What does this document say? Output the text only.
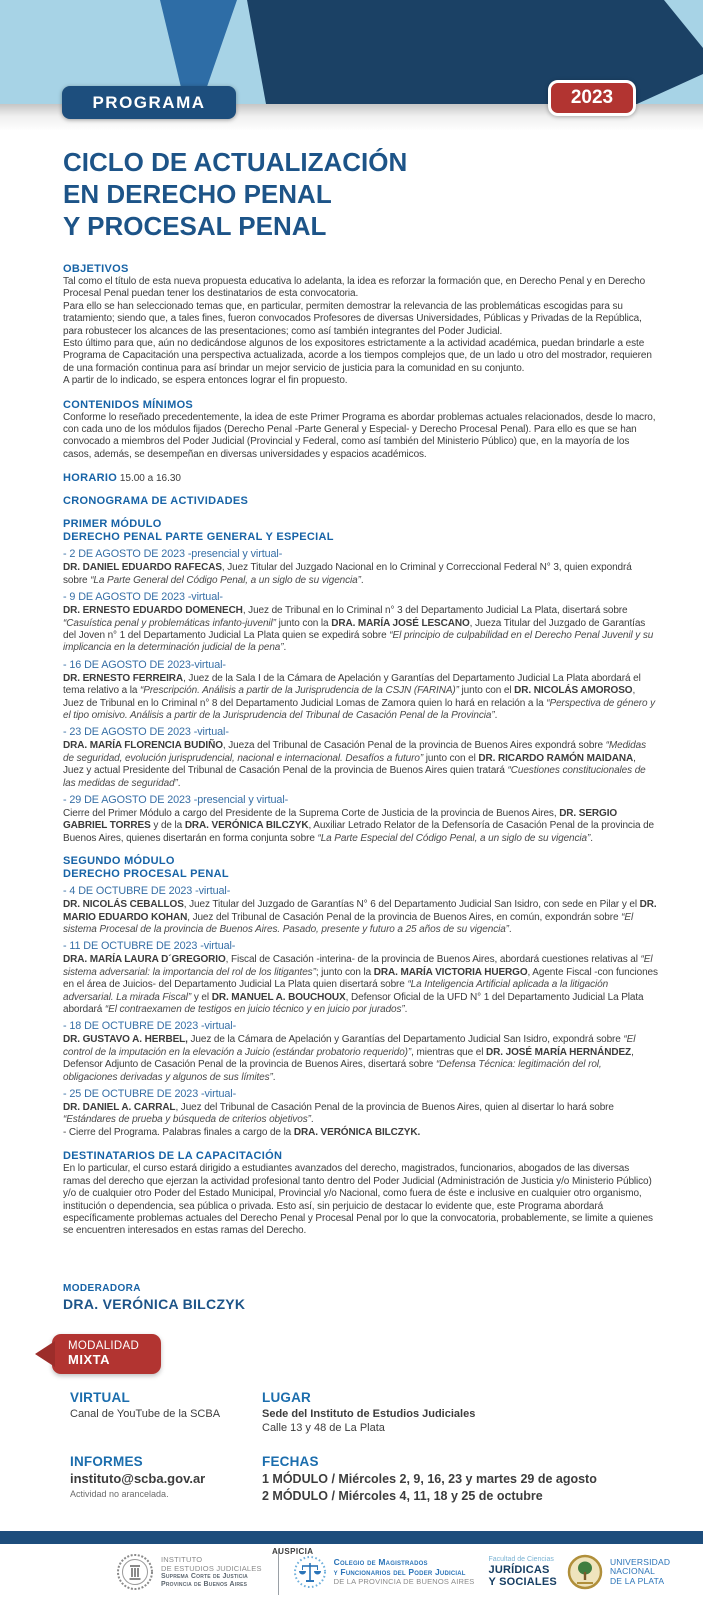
PROGRAMA	2023
CICLO DE ACTUALIZACIÓN
EN DERECHO PENAL
Y PROCESAL PENAL
OBJETIVOS
Tal como el título de esta nueva propuesta educativa lo adelanta, la idea es reforzar la formación que, en Derecho Penal y en Derecho Procesal Penal puedan tener los destinatarios de esta convocatoria.
Para ello se han seleccionado temas que, en particular, permiten demostrar la relevancia de las problemáticas escogidas para su tratamiento; siendo que, a tales fines, fueron convocados Profesores de diversas Universidades, Públicas y Privadas de la República, para robustecer los alcances de las presentaciones; como así también integrantes del Poder Judicial.
Esto último para que, aún no dedicándose algunos de los expositores estrictamente a la actividad académica, puedan brindarle a este Programa de Capacitación una perspectiva actualizada, acorde a los tiempos complejos que, de un lado u otro del mostrador, requieren de una formación continua para así brindar un mejor servicio de justicia para la comunidad en su conjunto.
A partir de lo indicado, se espera entonces lograr el fin propuesto.
CONTENIDOS MÍNIMOS
Conforme lo reseñado precedentemente, la idea de este Primer Programa es abordar problemas actuales relacionados, desde lo macro, con cada uno de los módulos fijados (Derecho Penal -Parte General y Especial- y Derecho Procesal Penal). Para ello es que se han convocado a miembros del Poder Judicial (Provincial y Federal, como así también del Ministerio Público) que, en la mayoría de los casos, además, se desempeñan en diversas universidades y espacios académicos.
HORARIO 15.00 a 16.30
CRONOGRAMA DE ACTIVIDADES
PRIMER MÓDULO
DERECHO PENAL PARTE GENERAL Y ESPECIAL
- 2 DE AGOSTO DE 2023 -presencial y virtual-
DR. DANIEL EDUARDO RAFECAS, Juez Titular del Juzgado Nacional en lo Criminal y Correccional Federal N° 3, quien expondrá sobre “La Parte General del Código Penal, a un siglo de su vigencia”.
- 9 DE AGOSTO DE 2023 -virtual-
DR. ERNESTO EDUARDO DOMENECH, Juez de Tribunal en lo Criminal n° 3 del Departamento Judicial La Plata, disertará sobre “Casuística penal y problemáticas infanto-juvenil” junto con la DRA. MARÍA JOSÉ LESCANO, Jueza Titular del Juzgado de Garantías del Joven n° 1 del Departamento Judicial La Plata quien se expedirá sobre “El principio de culpabilidad en el Derecho Penal Juvenil y su implicancia en la determinación judicial de la pena”.
- 16 DE AGOSTO DE 2023-virtual-
DR. ERNESTO FERREIRA, Juez de la Sala I de la Cámara de Apelación y Garantías del Departamento Judicial La Plata abordará el tema relativo a la “Prescripción. Análisis a partir de la Jurisprudencia de la CSJN (FARINA)” junto con el DR. NICOLÁS AMOROSO, Juez de Tribunal en lo Criminal n° 8 del Departamento Judicial Lomas de Zamora quien lo hará en relación a la “Perspectiva de género y el tipo omisivo. Análisis a partir de la Jurisprudencia del Tribunal de Casación Penal de la Provincia”.
- 23 DE AGOSTO DE 2023 -virtual-
DRA. MARÍA FLORENCIA BUDIÑO, Jueza del Tribunal de Casación Penal de la provincia de Buenos Aires expondrá sobre “Medidas de seguridad, evolución jurisprudencial, nacional e internacional. Desafíos a futuro” junto con el DR. RICARDO RAMÓN MAIDANA, Juez y actual Presidente del Tribunal de Casación Penal de la provincia de Buenos Aires quien tratará “Cuestiones constitucionales de las medidas de seguridad”.
- 29 DE AGOSTO DE 2023 -presencial y virtual-
Cierre del Primer Módulo a cargo del Presidente de la Suprema Corte de Justicia de la provincia de Buenos Aires, DR. SERGIO GABRIEL TORRES y de la DRA. VERÓNICA BILCZYK, Auxiliar Letrado Relator de la Defensoría de Casación Penal de la provincia de Buenos Aires, quienes disertarán en forma conjunta sobre “La Parte Especial del Código Penal, a un siglo de su vigencia”.
SEGUNDO MÓDULO
DERECHO PROCESAL PENAL
- 4 DE OCTUBRE DE 2023 -virtual-
DR. NICOLÁS CEBALLOS, Juez Titular del Juzgado de Garantías N° 6 del Departamento Judicial San Isidro, con sede en Pilar y el DR. MARIO EDUARDO KOHAN, Juez del Tribunal de Casación Penal de la provincia de Buenos Aires, en común, expondrán sobre “El sistema Procesal de la provincia de Buenos Aires. Pasado, presente y futuro a 25 años de su vigencia”.
- 11 DE OCTUBRE DE 2023 -virtual-
DRA. MARÍA LAURA D´GREGORIO, Fiscal de Casación -interina- de la provincia de Buenos Aires, abordará cuestiones relativas al “El sistema adversarial: la importancia del rol de los litigantes”; junto con la DRA. MARÍA VICTORIA HUERGO, Agente Fiscal -con funciones en el área de Juicios- del Departamento Judicial La Plata quien disertará sobre “La Inteligencia Artificial aplicada a la litigación adversarial. La mirada Fiscal” y el DR. MANUEL A. BOUCHOUX, Defensor Oficial de la UFD N° 1 del Departamento Judicial La Plata abordará “El contraexamen de testigos en juicio técnico y en juicio por jurados”.
- 18 DE OCTUBRE DE 2023 -virtual-
DR. GUSTAVO A. HERBEL, Juez de la Cámara de Apelación y Garantías del Departamento Judicial San Isidro, expondrá sobre “El control de la imputación en la elevación a Juicio (estándar probatorio requerido)”, mientras que el DR. JOSÉ MARÍA HERNÁNDEZ, Defensor Adjunto de Casación Penal de la provincia de Buenos Aires, disertará sobre “Defensa Técnica: legitimación del rol, obligaciones derivadas y algunos de sus límites”.
- 25 DE OCTUBRE DE 2023 -virtual-
DR. DANIEL A. CARRAL, Juez del Tribunal de Casación Penal de la provincia de Buenos Aires, quien al disertar lo hará sobre “Estándares de prueba y búsqueda de criterios objetivos”.
- Cierre del Programa. Palabras finales a cargo de la DRA. VERÓNICA BILCZYK.
DESTINATARIOS DE LA CAPACITACIÓN
En lo particular, el curso estará dirigido a estudiantes avanzados del derecho, magistrados, funcionarios, abogados de las diversas ramas del derecho que ejerzan la actividad profesional tanto dentro del Poder Judicial (Administración de Justicia y/o Ministerio Público) y/o de cualquier otro Poder del Estado Municipal, Provincial y/o Nacional, como fuera de éste e inclusive en cualquier otro organismo, institución o dependencia, sea pública o privada. Esto así, sin perjuicio de destacar lo evidente que, este Programa abordará específicamente problemas actuales del Derecho Penal y Procesal Penal por lo que la convocatoria, probablemente, se limite a quienes se encuentren interesados en estas ramas del Derecho.
MODERADORA
DRA. VERÓNICA BILCZYK
MODALIDAD
MIXTA
VIRTUAL
Canal de YouTube de la SCBA
LUGAR
Sede del Instituto de Estudios Judiciales
Calle 13 y 48 de La Plata
INFORMES
instituto@scba.gov.ar
Actividad no arancelada.
FECHAS
1 MÓDULO / Miércoles 2, 9, 16, 23 y martes 29 de agosto
2 MÓDULO / Miércoles 4, 11, 18 y 25 de octubre
INSTITUTO
DE ESTUDIOS JUDICIALES
Suprema Corte de Justicia
Provincia de Buenos Aires
AUSPICIA
Colegio de Magistrados
y Funcionarios del Poder Judicial
DE LA PROVINCIA DE BUENOS AIRES
Facultad de Ciencias
JURÍDICAS
Y SOCIALES
UNIVERSIDAD
NACIONAL
DE LA PLATA
